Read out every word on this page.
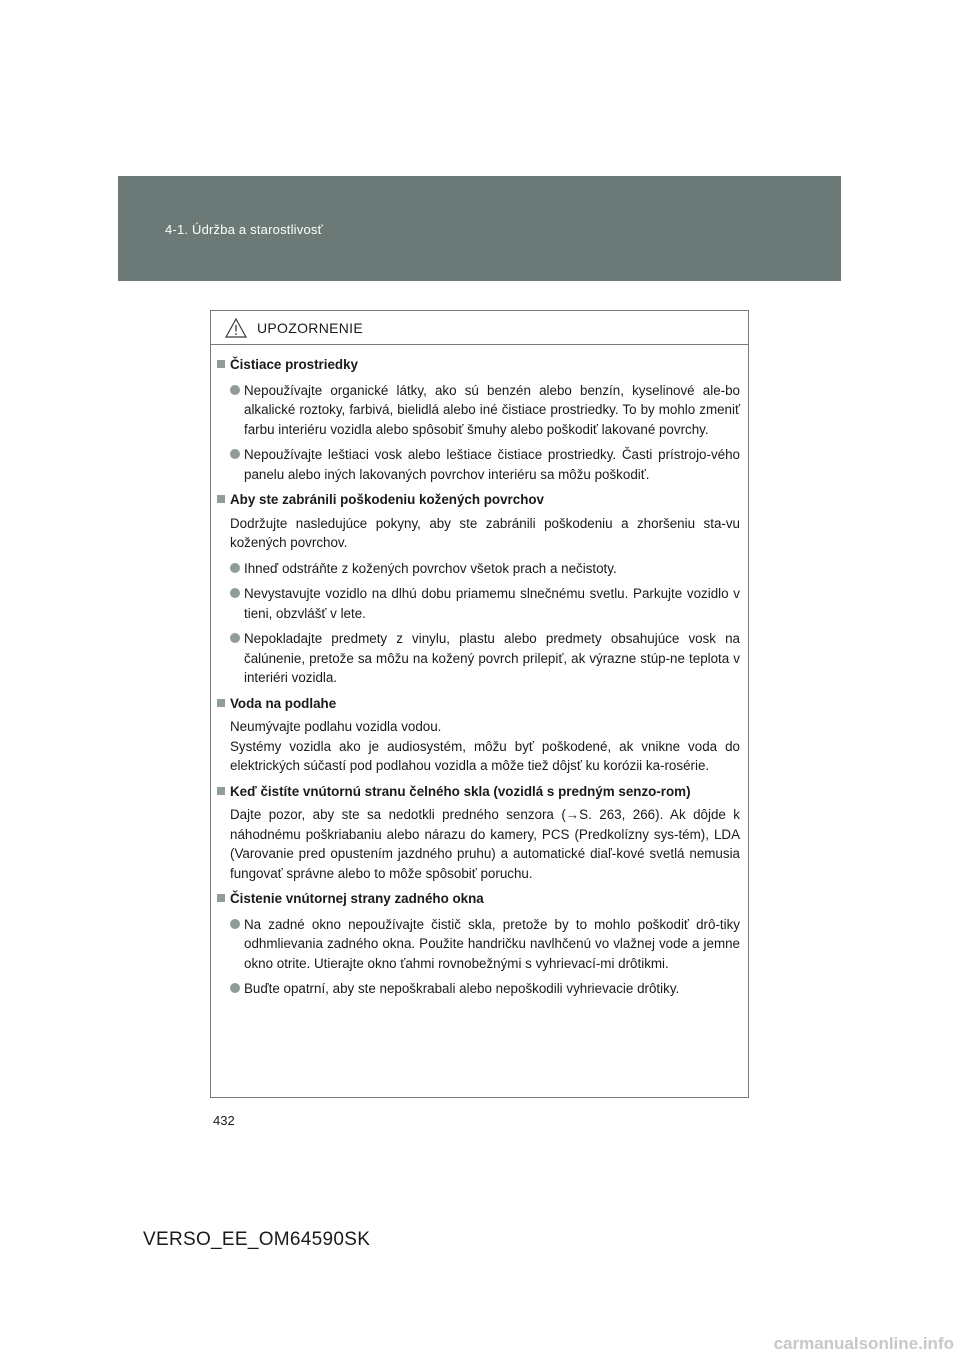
4-1. Údržba a starostlivosť
UPOZORNENIE
Čistiace prostriedky
Nepoužívajte organické látky, ako sú benzén alebo benzín, kyselinové ale-bo alkalické roztoky, farbivá, bielidlá alebo iné čistiace prostriedky. To by mohlo zmeniť farbu interiéru vozidla alebo spôsobiť šmuhy alebo poškodiť lakované povrchy.
Nepoužívajte leštiaci vosk alebo leštiace čistiace prostriedky. Časti prístrojo-vého panelu alebo iných lakovaných povrchov interiéru sa môžu poškodiť.
Aby ste zabránili poškodeniu kožených povrchov
Dodržujte nasledujúce pokyny, aby ste zabránili poškodeniu a zhoršeniu sta-vu kožených povrchov.
Ihneď odstráňte z kožených povrchov všetok prach a nečistoty.
Nevystavujte vozidlo na dlhú dobu priamemu slnečnému svetlu. Parkujte vozidlo v tieni, obzvlášť v lete.
Nepokladajte predmety z vinylu, plastu alebo predmety obsahujúce vosk na čalúnenie, pretože sa môžu na kožený povrch prilepiť, ak výrazne stúp-ne teplota v interiéri vozidla.
Voda na podlahe
Neumývajte podlahu vozidla vodou.
Systémy vozidla ako je audiosystém, môžu byť poškodené, ak vnikne voda do elektrických súčastí pod podlahou vozidla a môže tiež dôjsť ku korózii ka-rosérie.
Keď čistíte vnútornú stranu čelného skla (vozidlá s predným senzo-rom)
Dajte pozor, aby ste sa nedotkli predného senzora (→S. 263, 266). Ak dôjde k náhodnému poškriabaniu alebo nárazu do kamery, PCS (Predkolízny sys-tém), LDA (Varovanie pred opustením jazdného pruhu) a automatické diaľ-kové svetlá nemusia fungovať správne alebo to môže spôsobiť poruchu.
Čistenie vnútornej strany zadného okna
Na zadné okno nepoužívajte čistič skla, pretože by to mohlo poškodiť drô-tiky odhmlievania zadného okna. Použite handričku navlhčenú vo vlažnej vode a jemne okno otrite. Utierajte okno ťahmi rovnobežnými s vyhrievací-mi drôtikmi.
Buďte opatrní, aby ste nepoškrabali alebo nepoškodili vyhrievacie drôtiky.
432
VERSO_EE_OM64590SK
carmanualsonline.info
